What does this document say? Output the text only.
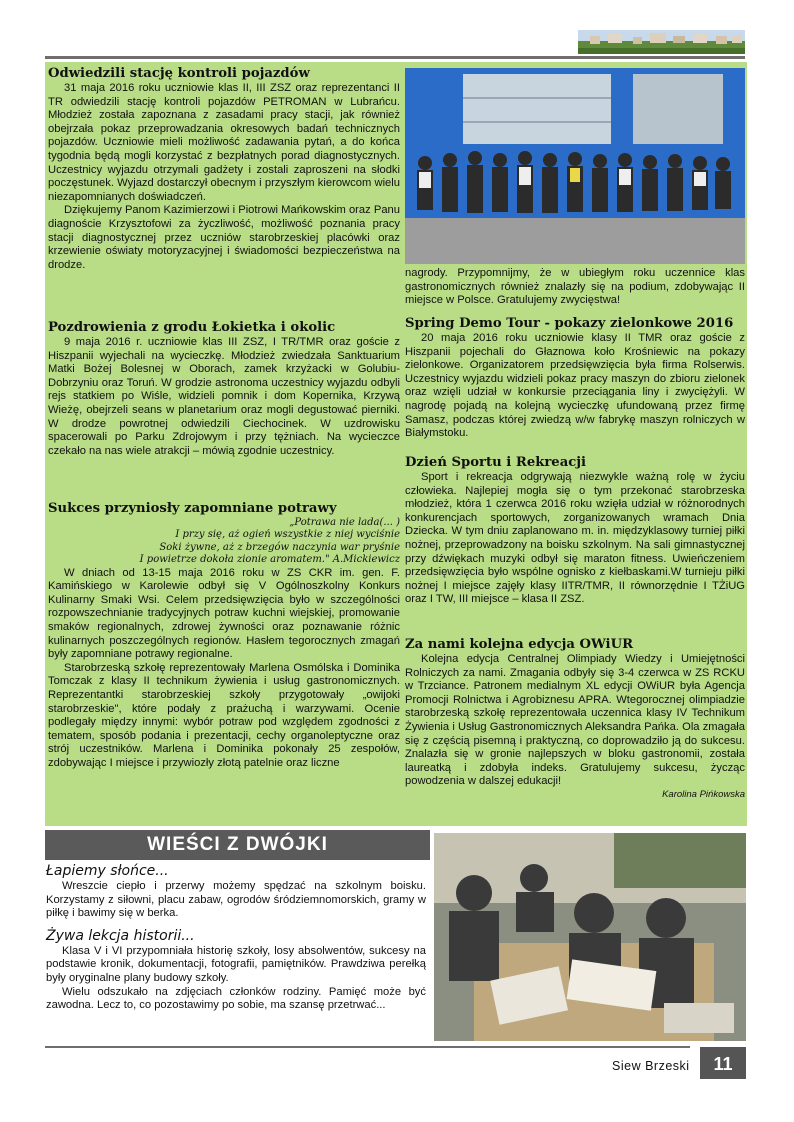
Odwiedzili stację kontroli pojazdów

31 maja 2016 roku uczniowie klas II, III ZSZ oraz reprezentanci II TR odwiedzili stację kontroli pojazdów PETROMAN w Lubrańcu. Młodzież została zapoznana z zasadami pracy stacji, jak również obejrzała pokaz przeprowadzania okresowych badań technicznych pojazdów. Uczniowie mieli możliwość zadawania pytań, a do końca tygodnia będą mogli korzystać z bezpłatnych porad diagnostycznych. Uczestnicy wyjazdu otrzymali gadżety i zostali zaproszeni na słodki poczęstunek. Wyjazd dostarczył obecnym i przyszłym kierowcom wielu niezapomnianych doświadczeń.

Dziękujemy Panom Kazimierzowi i Piotrowi Mańkowskim oraz Panu diagnoście Krzysztofowi za życzliwość, możliwość poznania pracy stacji diagnostycznej przez uczniów starobrzeskiej placówki oraz krzewienie oświaty motoryzacyjnej i świadomości bezpieczeństwa na drodze.

Pozdrowienia z grodu Łokietka i okolic

9 maja 2016 r. uczniowie klas III ZSZ, I TR/TMR oraz goście z Hiszpanii wyjechali na wycieczkę. Młodzież zwiedzała Sanktuarium Matki Bożej Bolesnej w Oborach, zamek krzyżacki w Golubiu-Dobrzyniu oraz Toruń. W grodzie astronoma uczestnicy wyjazdu odbyli rejs statkiem po Wiśle, widzieli pomnik i dom Kopernika, Krzywą Wieżę, obejrzeli seans w planetarium oraz mogli degustować pierniki. W drodze powrotnej odwiedzili Ciechocinek. W uzdrowisku spacerowali po Parku Zdrojowym i przy tężniach. Na wycieczce czekało na nas wiele atrakcji – mówią zgodnie uczestnicy.

Sukces przyniosły zapomniane potrawy

„Potrawa nie lada(... )

I przy się, aż ogień wszystkie z niej wyciśnie

Soki żywne, aż z brzegów naczynia war pryśnie

I powietrze dokoła zionie aromatem." A.Mickiewicz

W dniach od 13-15 maja 2016 roku w ZS CKR im. gen. F. Kamińskiego w Karolewie odbył się V Ogólnoszkolny Konkurs Kulinarny Smaki Wsi. Celem przedsięwzięcia było w szczególności rozpowszechnianie tradycyjnych potraw kuchni wiejskiej, promowanie smaków regionalnych, zdrowej żywności oraz poznawanie różnic kulinarnych poszczególnych regionów. Hasłem tegorocznych zmagań były zapomniane potrawy regionalne.

Starobrzeską szkołę reprezentowały Marlena Osmólska i Dominika Tomczak z klasy II technikum żywienia i usług gastronomicznych. Reprezentantki starobrzeskiej szkoły przygotowały „owijoki starobrzeskie", które podały z prażuchą i warzywami. Ocenie podlegały między innymi: wybór potraw pod względem zgodności z tematem, sposób podania i prezentacji, cechy organoleptyczne oraz strój uczestników. Marlena i Dominika pokonały 25 zespołów, zdobywając I miejsce i przywiozły złotą patelnie oraz liczne

nagrody. Przypomnijmy, że w ubiegłym roku uczennice klas gastronomicznych również znalazły się na podium, zdobywając II miejsce w Polsce. Gratulujemy zwycięstwa!

Spring Demo Tour - pokazy zielonkowe 2016

20 maja 2016 roku uczniowie klasy II TMR oraz goście z Hiszpanii pojechali do Głaznowa koło Krośniewic na pokazy zielonkowe. Organizatorem przedsięwzięcia była firma Rolserwis. Uczestnicy wyjazdu widzieli pokaz pracy maszyn do zbioru zielonek oraz wzięli udział w konkursie przeciągania liny i zwyciężyli. W nagrodę pojadą na kolejną wycieczkę ufundowaną przez firmę Samasz, podczas której zwiedzą w/w fabrykę maszyn rolniczych w Białymstoku.

Dzień Sportu i Rekreacji

Sport i rekreacja odgrywają niezwykle ważną rolę w życiu człowieka. Najlepiej mogła się o tym przekonać starobrzeska młodzież, która 1 czerwca 2016 roku wzięła udział w różnorodnych konkurencjach sportowych, zorganizowanych wramach Dnia Dziecka. W tym dniu zaplanowano m. in. międzyklasowy turniej piłki nożnej, przeprowadzony na boisku szkolnym. Na sali gimnastycznej przy dźwiękach muzyki odbył się maraton fitness. Uwieńczeniem przedsięwzięcia było wspólne ognisko z kiełbaskami.W turnieju piłki nożnej I miejsce zajęły klasy IITR/TMR, II równorzędnie I TŻiUG oraz I TW, III miejsce – klasa II ZSZ.

Za nami kolejna edycja OWiUR

Kolejna edycja Centralnej Olimpiady Wiedzy i Umiejętności Rolniczych za nami. Zmagania odbyły się 3-4 czerwca w ZS RCKU w Trzciance. Patronem medialnym XL edycji OWiUR była Agencja Promocji Rolnictwa i Agrobiznesu APRA. Wtegorocznej olimpiadzie starobrzeską szkołę reprezentowała uczennica klasy IV Technikum Żywienia i Usług Gastronomicznych Aleksandra Pańka. Ola zmagała się z częścią pisemną i praktyczną, co doprowadziło ją do sukcesu. Znalazła się w gronie najlepszych w bloku gastronomii, została laureatką i zdobyła indeks. Gratulujemy sukcesu, życząc powodzenia w dalszej edukacji!

Karolina Pińkowska
WIEŚCI Z DWÓJKI

Łapiemy słońce...

Wreszcie ciepło i przerwy możemy spędzać na szkolnym boisku. Korzystamy z siłowni, placu zabaw, ogrodów śródziemnomorskich, gramy w piłkę i bawimy się w berka.

Żywa lekcja historii...

Klasa V i VI przypomniała historię szkoły, losy absolwentów, sukcesy na podstawie kronik, dokumentacji, fotografii, pamiętników. Prawdziwa perełką były oryginalne plany budowy szkoły.

Wielu odszukało na zdjęciach członków rodziny. Pamięć może być zawodna. Lecz to, co pozostawimy po sobie, ma szansę przetrwać...

Siew Brzeski	11
